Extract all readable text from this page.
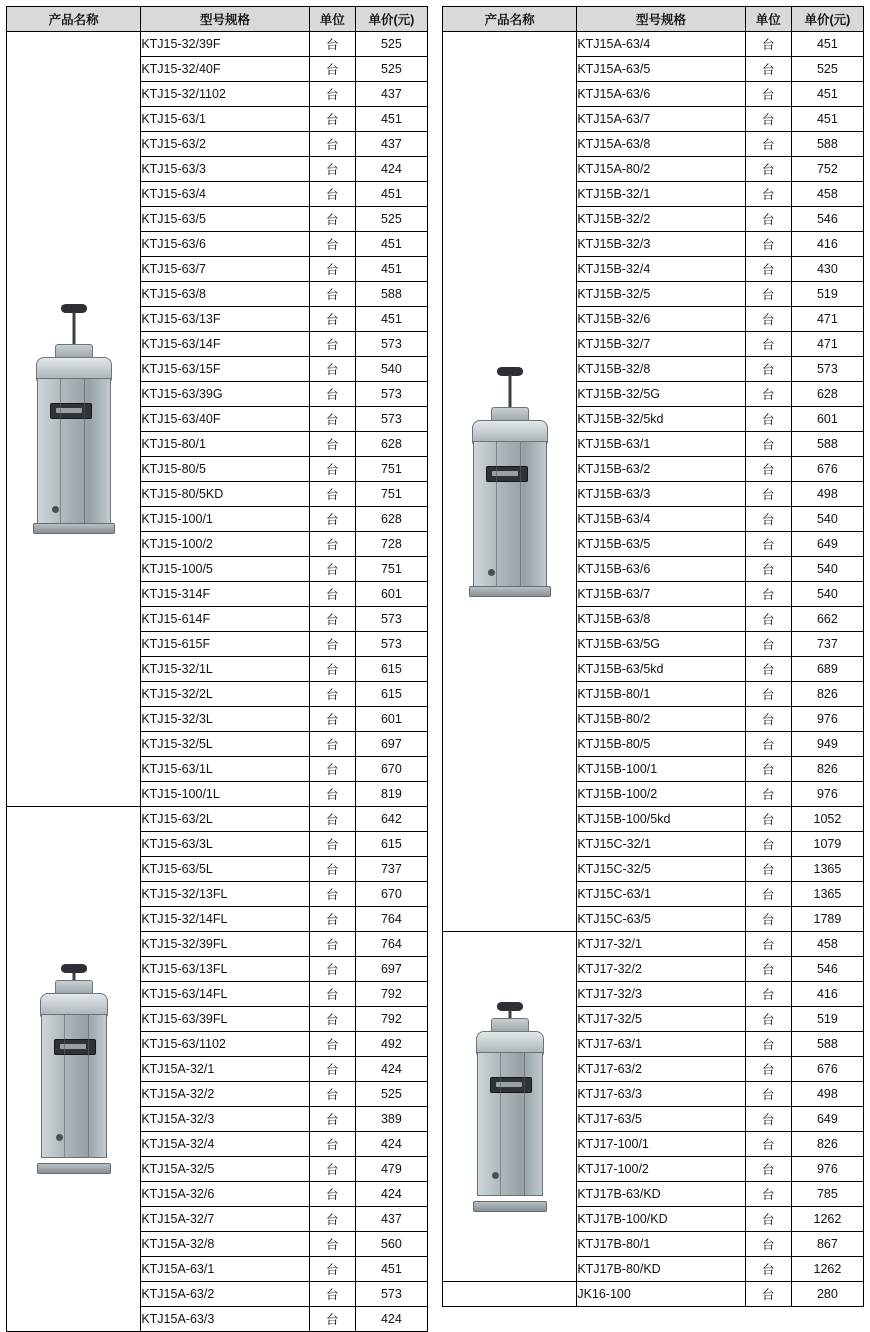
产品名称	型号规格	单位	单价(元)

	KTJ15-32/39F	台	525
	KTJ15-32/40F	台	525
	KTJ15-32/1102	台	437
	KTJ15-63/1	台	451
	KTJ15-63/2	台	437
	KTJ15-63/3	台	424
	KTJ15-63/4	台	451
	KTJ15-63/5	台	525
	KTJ15-63/6	台	451
	KTJ15-63/7	台	451
	KTJ15-63/8	台	588
	KTJ15-63/13F	台	451
	KTJ15-63/14F	台	573
	KTJ15-63/15F	台	540
	KTJ15-63/39G	台	573
	KTJ15-63/40F	台	573
	KTJ15-80/1	台	628
	KTJ15-80/5	台	751
	KTJ15-80/5KD	台	751
	KTJ15-100/1	台	628
	KTJ15-100/2	台	728
	KTJ15-100/5	台	751
	KTJ15-314F	台	601
	KTJ15-614F	台	573
	KTJ15-615F	台	573
	KTJ15-32/1L	台	615
	KTJ15-32/2L	台	615
	KTJ15-32/3L	台	601
	KTJ15-32/5L	台	697
	KTJ15-63/1L	台	670
	KTJ15-100/1L	台	819

	KTJ15-63/2L	台	642
	KTJ15-63/3L	台	615
	KTJ15-63/5L	台	737
	KTJ15-32/13FL	台	670
	KTJ15-32/14FL	台	764
	KTJ15-32/39FL	台	764
	KTJ15-63/13FL	台	697
	KTJ15-63/14FL	台	792
	KTJ15-63/39FL	台	792
	KTJ15-63/1102	台	492
	KTJ15A-32/1	台	424
	KTJ15A-32/2	台	525
	KTJ15A-32/3	台	389
	KTJ15A-32/4	台	424
	KTJ15A-32/5	台	479
	KTJ15A-32/6	台	424
	KTJ15A-32/7	台	437
	KTJ15A-32/8	台	560
	KTJ15A-63/1	台	451
	KTJ15A-63/2	台	573
	KTJ15A-63/3	台	424
产品名称	型号规格	单位	单价(元)

	KTJ15A-63/4	台	451
	KTJ15A-63/5	台	525
	KTJ15A-63/6	台	451
	KTJ15A-63/7	台	451
	KTJ15A-63/8	台	588
	KTJ15A-80/2	台	752
	KTJ15B-32/1	台	458
	KTJ15B-32/2	台	546
	KTJ15B-32/3	台	416
	KTJ15B-32/4	台	430
	KTJ15B-32/5	台	519
	KTJ15B-32/6	台	471
	KTJ15B-32/7	台	471
	KTJ15B-32/8	台	573
	KTJ15B-32/5G	台	628
	KTJ15B-32/5kd	台	601
	KTJ15B-63/1	台	588
	KTJ15B-63/2	台	676
	KTJ15B-63/3	台	498
	KTJ15B-63/4	台	540
	KTJ15B-63/5	台	649
	KTJ15B-63/6	台	540
	KTJ15B-63/7	台	540
	KTJ15B-63/8	台	662
	KTJ15B-63/5G	台	737
	KTJ15B-63/5kd	台	689
	KTJ15B-80/1	台	826
	KTJ15B-80/2	台	976
	KTJ15B-80/5	台	949
	KTJ15B-100/1	台	826
	KTJ15B-100/2	台	976
	KTJ15B-100/5kd	台	1052
	KTJ15C-32/1	台	1079
	KTJ15C-32/5	台	1365
	KTJ15C-63/1	台	1365
	KTJ15C-63/5	台	1789

	KTJ17-32/1	台	458
	KTJ17-32/2	台	546
	KTJ17-32/3	台	416
	KTJ17-32/5	台	519
	KTJ17-63/1	台	588
	KTJ17-63/2	台	676
	KTJ17-63/3	台	498
	KTJ17-63/5	台	649
	KTJ17-100/1	台	826
	KTJ17-100/2	台	976
	KTJ17B-63/KD	台	785
	KTJ17B-100/KD	台	1262
	KTJ17B-80/1	台	867
	KTJ17B-80/KD	台	1262
	JK16-100	台	280
